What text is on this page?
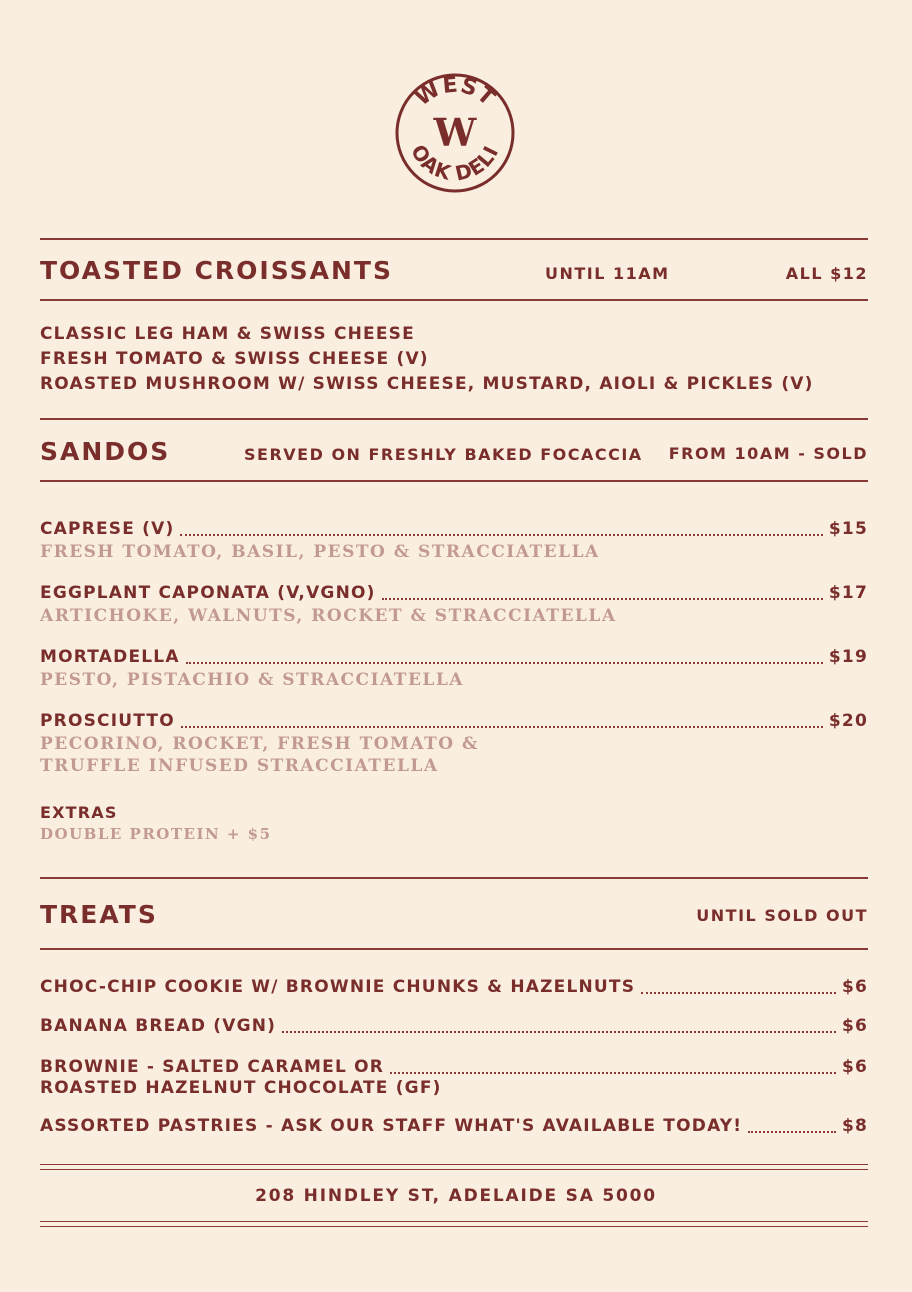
WEST
OAK DELI
W
TOASTED CROISSANTS	UNTIL 11AM	ALL $12
CLASSIC LEG HAM & SWISS CHEESE
FRESH TOMATO & SWISS CHEESE (V)
ROASTED MUSHROOM W/ SWISS CHEESE, MUSTARD, AIOLI & PICKLES (V)
SANDOS	SERVED ON FRESHLY BAKED FOCACCIA FROM 10AM - SOLD
CAPRESE (V)	$15
FRESH TOMATO, BASIL, PESTO & STRACCIATELLA
EGGPLANT CAPONATA (V,VGNO)	$17
ARTICHOKE, WALNUTS, ROCKET & STRACCIATELLA
MORTADELLA	$19
PESTO, PISTACHIO & STRACCIATELLA
PROSCIUTTO	$20
PECORINO, ROCKET, FRESH TOMATO &
TRUFFLE INFUSED STRACCIATELLA
EXTRAS
DOUBLE PROTEIN + $5
TREATS	UNTIL SOLD OUT
CHOC-CHIP COOKIE W/ BROWNIE CHUNKS & HAZELNUTS	$6
BANANA BREAD (VGN)	$6
BROWNIE - SALTED CARAMEL OR	$6
ROASTED HAZELNUT CHOCOLATE (GF)
ASSORTED PASTRIES - ASK OUR STAFF WHAT'S AVAILABLE TODAY!	$8
208 HINDLEY ST, ADELAIDE SA 5000
